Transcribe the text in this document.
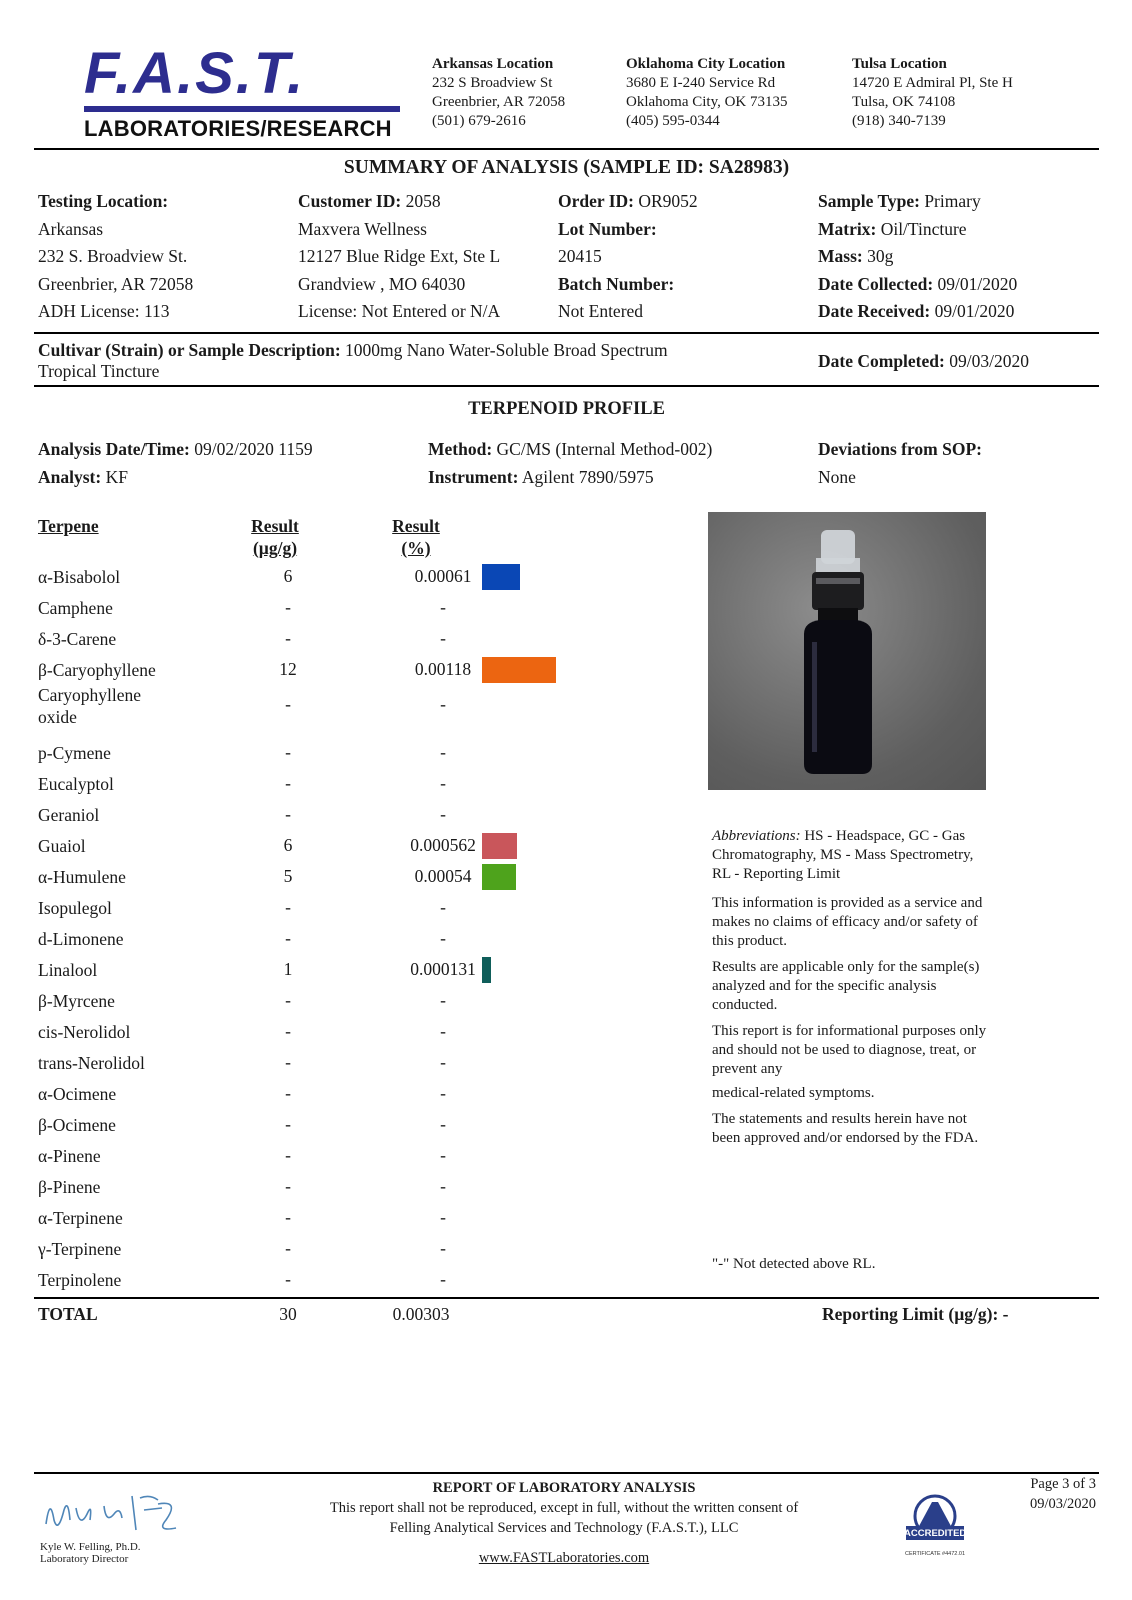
F.A.S.T.
LABORATORIES/RESEARCH
Arkansas Location
232 S Broadview St
Greenbrier, AR 72058
(501) 679-2616
Oklahoma City Location
3680 E I-240 Service Rd
Oklahoma City, OK 73135
(405) 595-0344
Tulsa Location
14720 E Admiral Pl, Ste H
Tulsa, OK 74108
(918) 340-7139
SUMMARY OF ANALYSIS (SAMPLE ID: SA28983)
Testing Location:
Arkansas
232 S. Broadview St.
Greenbrier, AR 72058
ADH License: 113
Customer ID: 2058
Maxvera Wellness
12127 Blue Ridge Ext, Ste L
Grandview , MO 64030
License: Not Entered or N/A
Order ID: OR9052
Lot Number:
20415
Batch Number:
Not Entered
Sample Type: Primary
Matrix: Oil/Tincture
Mass: 30g
Date Collected: 09/01/2020
Date Received: 09/01/2020
Cultivar (Strain) or Sample Description: 1000mg Nano Water-Soluble Broad Spectrum
Tropical Tincture	Date Completed: 09/03/2020
TERPENOID PROFILE
Analysis Date/Time: 09/02/2020 1159
Analyst: KF
Method: GC/MS (Internal Method-002)
Instrument: Agilent 7890/5975
Deviations from SOP:
None
Terpene	Result
(µg/g)
Result
(%)
α-Bisabolol	6	0.00061
Camphene	-	-
δ-3-Carene	-	-
β-Caryophyllene	12	0.00118
Caryophyllene oxide
-	-
p-Cymene	-	-
Eucalyptol	-	-
Geraniol	-	-
Guaiol	6	0.000562
α-Humulene	5	0.00054
Isopulegol	-	-
d-Limonene	-	-
Linalool	1	0.000131
β-Myrcene	-	-
cis-Nerolidol	-	-
trans-Nerolidol	-	-
α-Ocimene	-	-
β-Ocimene	-	-
α-Pinene	-	-
β-Pinene	-	-
α-Terpinene	-	-
γ-Terpinene	-	-
Terpinolene	-	-
TOTAL	30	0.00303	Reporting Limit (µg/g): -
Abbreviations: HS - Headspace, GC - Gas Chromatography, MS - Mass Spectrometry, RL - Reporting Limit
This information is provided as a service and makes no claims of efficacy and/or safety of this product.
Results are applicable only for the sample(s) analyzed and for the specific analysis conducted.
This report is for informational purposes only and should not be used to diagnose, treat, or prevent any
medical-related symptoms.
The statements and results herein have not been approved and/or endorsed by the FDA.
"-" Not detected above RL.
Kyle W. Felling, Ph.D.
Laboratory Director
REPORT OF LABORATORY ANALYSIS
This report shall not be reproduced, except in full, without the written consent of
Felling Analytical Services and Technology (F.A.S.T.), LLC
www.FASTLaboratories.com
ACCREDITED
CERTIFICATE #4472.01
Page 3 of 3
09/03/2020
